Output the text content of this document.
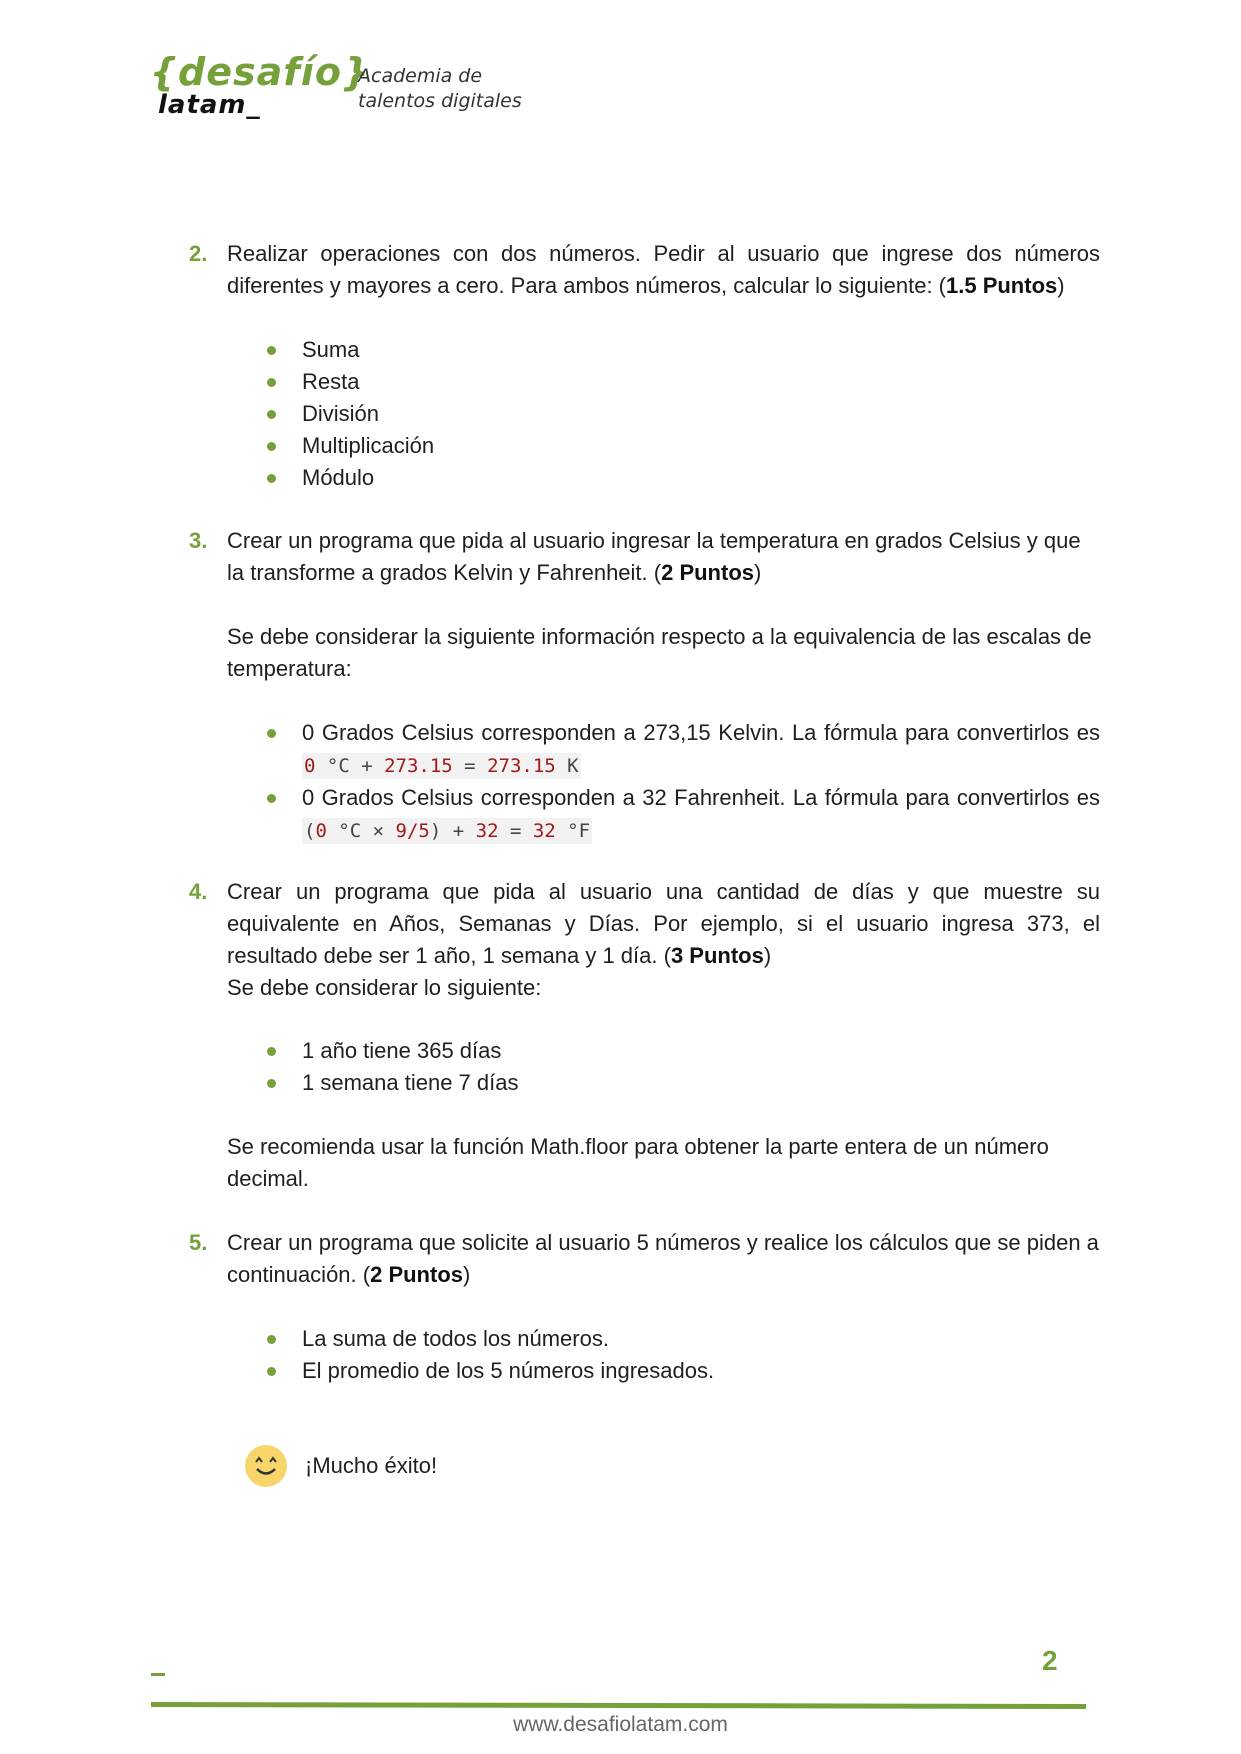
{desafío}
latam_
Academia de
talentos digitales
2. Realizar operaciones con dos números. Pedir al usuario que ingrese dos números diferentes y mayores a cero. Para ambos números, calcular lo siguiente: (1.5 Puntos)
Suma
Resta
División
Multiplicación
Módulo
3. Crear un programa que pida al usuario ingresar la temperatura en grados Celsius y que la transforme a grados Kelvin y Fahrenheit. (2 Puntos)
Se debe considerar la siguiente información respecto a la equivalencia de las escalas de temperatura:
0 Grados Celsius corresponden a 273,15 Kelvin. La fórmula para convertirlos es 0 °C + 273.15 = 273.15 K
0 Grados Celsius corresponden a 32 Fahrenheit. La fórmula para convertirlos es (0 °C × 9/5) + 32 = 32 °F
4. Crear un programa que pida al usuario una cantidad de días y que muestre su equivalente en Años, Semanas y Días. Por ejemplo, si el usuario ingresa 373, el resultado debe ser 1 año, 1 semana y 1 día. (3 Puntos)
Se debe considerar lo siguiente:
1 año tiene 365 días
1 semana tiene 7 días
Se recomienda usar la función Math.floor para obtener la parte entera de un número decimal.
5. Crear un programa que solicite al usuario 5 números y realice los cálculos que se piden a continuación. (2 Puntos)
La suma de todos los números.
El promedio de los 5 números ingresados.
¡Mucho éxito!
2
www.desafiolatam.com
